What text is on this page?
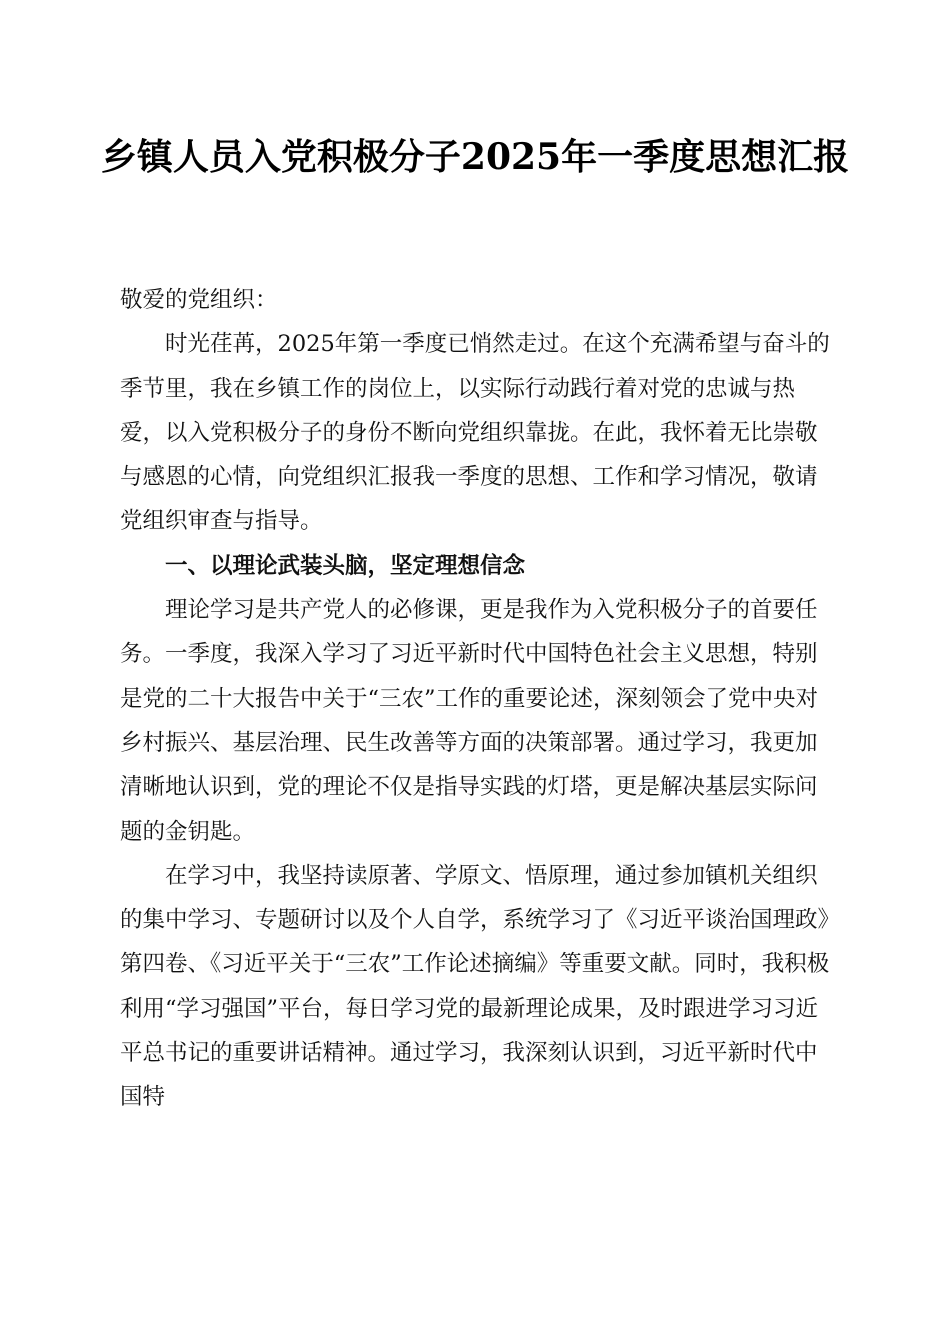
乡镇人员入党积极分子2025年一季度思想汇报

敬爱的党组织：

时光荏苒，2025年第一季度已悄然走过。在这个充满希望与奋斗的季节里，我在乡镇工作的岗位上，以实际行动践行着对党的忠诚与热爱，以入党积极分子的身份不断向党组织靠拢。在此，我怀着无比崇敬与感恩的心情，向党组织汇报我一季度的思想、工作和学习情况，敬请党组织审查与指导。

一、以理论武装头脑，坚定理想信念

理论学习是共产党人的必修课，更是我作为入党积极分子的首要任务。一季度，我深入学习了习近平新时代中国特色社会主义思想，特别是党的二十大报告中关于“三农”工作的重要论述，深刻领会了党中央对乡村振兴、基层治理、民生改善等方面的决策部署。通过学习，我更加清晰地认识到，党的理论不仅是指导实践的灯塔，更是解决基层实际问题的金钥匙。

在学习中，我坚持读原著、学原文、悟原理，通过参加镇机关组织的集中学习、专题研讨以及个人自学，系统学习了《习近平谈治国理政》第四卷、《习近平关于“三农”工作论述摘编》等重要文献。同时，我积极利用“学习强国”平台，每日学习党的最新理论成果，及时跟进学习习近平总书记的重要讲话精神。通过学习，我深刻认识到，习近平新时代中国特
